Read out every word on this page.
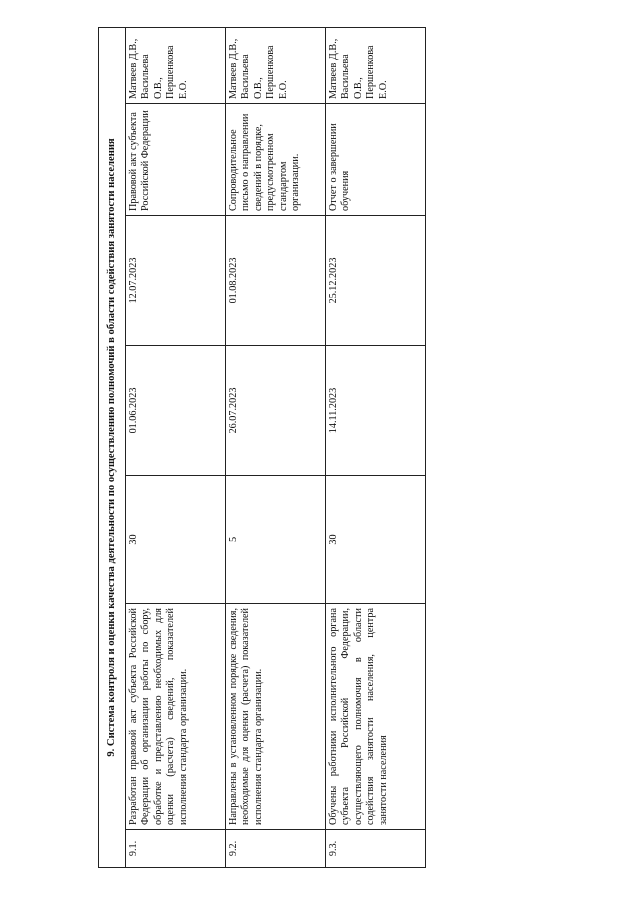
9. Система контроля и оценки качества деятельности по осуществлению полномочий в области содействия занятости населения						
9.1.	Разработан правовой акт субъекта Российской Федерации об организации работы по сбору, обработке и представлению необходимых для оценки (расчета) сведений, показателей исполнения стандарта организации.	30	01.06.2023	12.07.2023	Правовой акт субъекта Российской Федерации	Матвеев Д.В., Васильева О.В., Першенкова Е.О.
9.2.	Направлены в установленном порядке сведения, необходимые для оценки (расчета) показателей исполнения стандарта организации.	5	26.07.2023	01.08.2023	Сопроводительное письмо о направлении сведений в порядке, предусмотренном стандартом организации.	Матвеев Д.В., Васильева О.В., Першенкова Е.О.
9.3.	Обучены работники исполнительного органа субъекта Российской Федерации, осуществляющего полномочия в области содействия занятости населения, центра занятости населения	30	14.11.2023	25.12.2023	Отчет о завершении обучения	Матвеев Д.В., Васильева О.В., Першенкова Е.О.
